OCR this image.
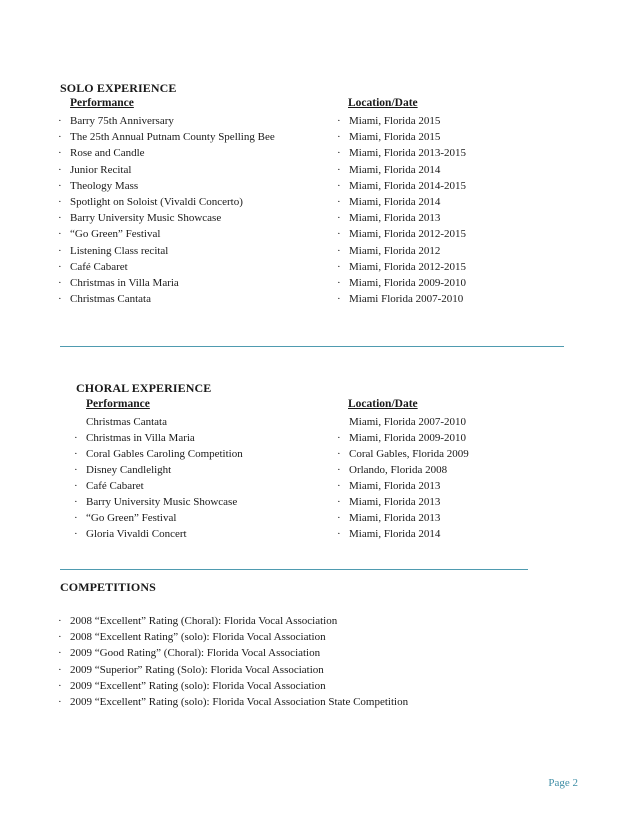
SOLO EXPERIENCE
Performance	Location/Date
· Barry 75th Anniversary	· Miami, Florida 2015
· The 25th Annual Putnam County Spelling Bee	· Miami, Florida 2015
· Rose and Candle	· Miami, Florida 2013-2015
· Junior Recital	· Miami, Florida 2014
· Theology Mass	· Miami, Florida 2014-2015
· Spotlight on Soloist (Vivaldi Concerto)	· Miami, Florida 2014
· Barry University Music Showcase	· Miami, Florida 2013
· “Go Green” Festival	· Miami, Florida 2012-2015
· Listening Class recital	· Miami, Florida 2012
· Café Cabaret	· Miami, Florida 2012-2015
· Christmas in Villa Maria	· Miami, Florida 2009-2010
· Christmas Cantata	· Miami Florida 2007-2010
CHORAL EXPERIENCE
Performance	Location/Date
Christmas Cantata	Miami, Florida 2007-2010
· Christmas in Villa Maria	· Miami, Florida 2009-2010
· Coral Gables Caroling Competition	· Coral Gables, Florida 2009
· Disney Candlelight	· Orlando, Florida 2008
· Café Cabaret	· Miami, Florida 2013
· Barry University Music Showcase	· Miami, Florida 2013
· “Go Green” Festival	· Miami, Florida 2013
· Gloria Vivaldi Concert	· Miami, Florida 2014
COMPETITIONS
· 2008 “Excellent” Rating (Choral): Florida Vocal Association
· 2008 “Excellent Rating” (solo): Florida Vocal Association
· 2009 “Good Rating” (Choral): Florida Vocal Association
· 2009 “Superior” Rating (Solo): Florida Vocal Association
· 2009 “Excellent” Rating (solo): Florida Vocal Association
· 2009 “Excellent” Rating (solo): Florida Vocal Association State Competition
Page 2
